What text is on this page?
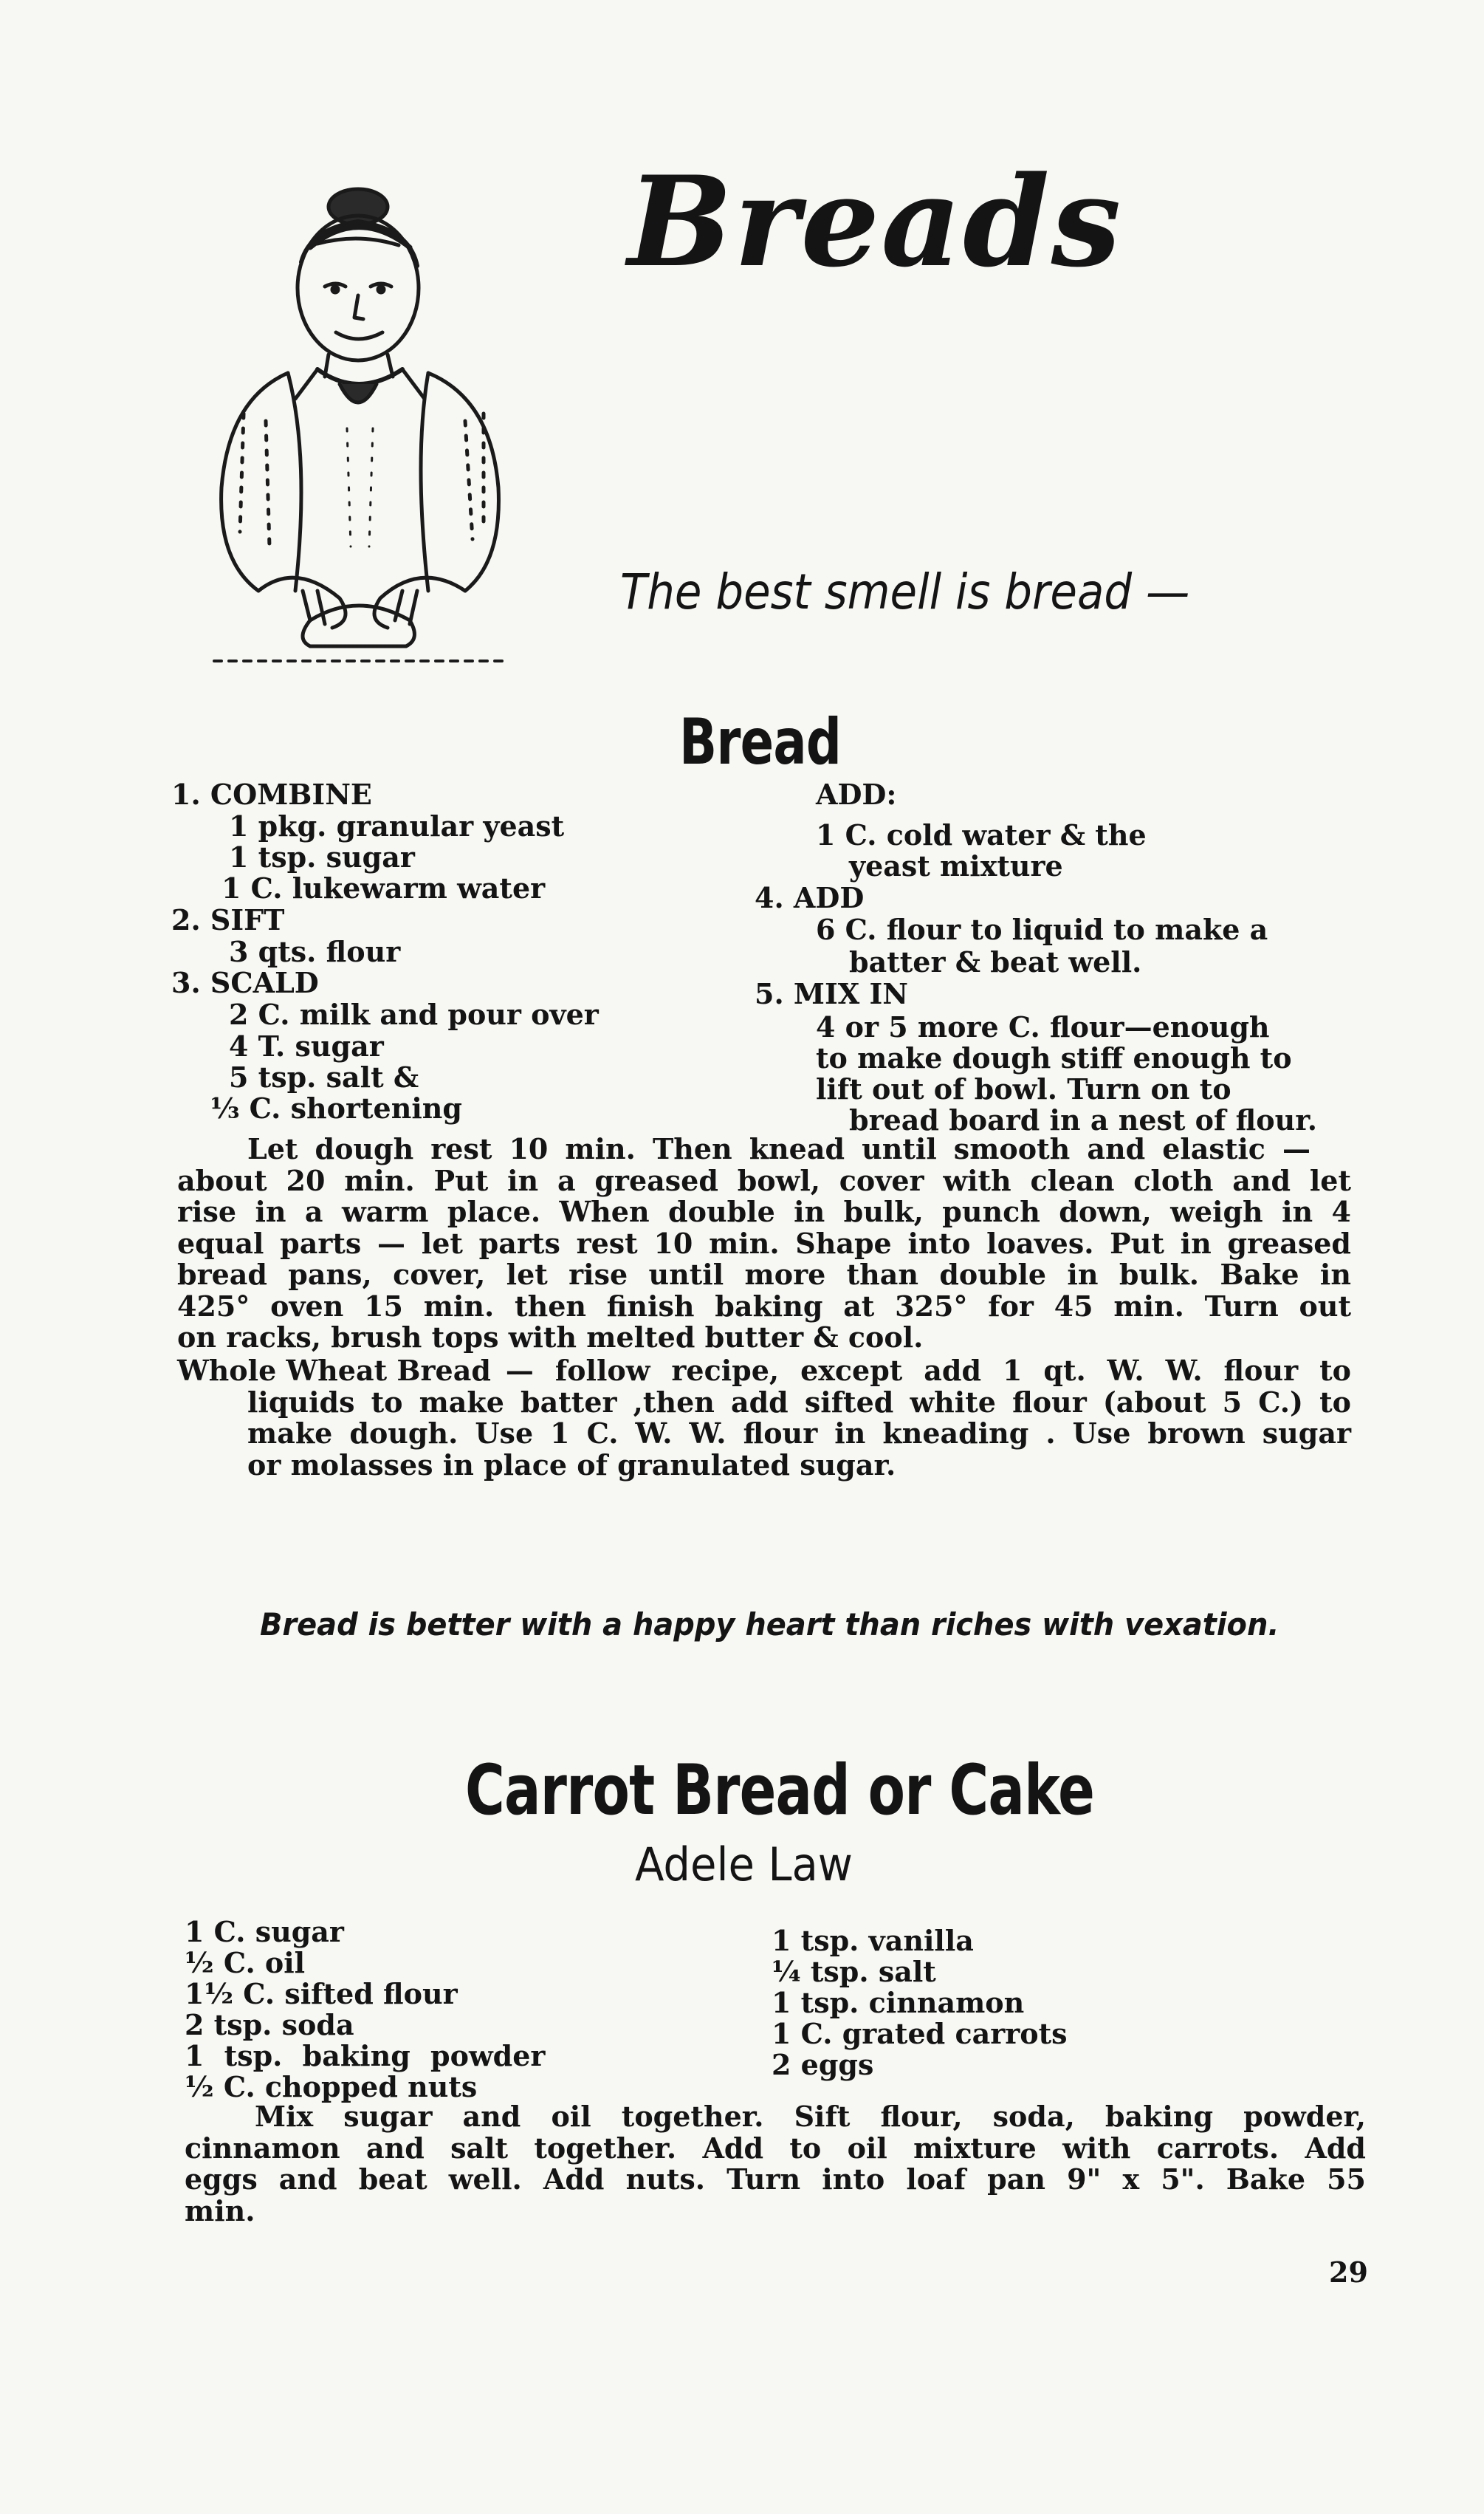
Breads
The best smell is bread —
Bread
1. COMBINE
1 pkg. granular yeast
1 tsp. sugar
1 C. lukewarm water
2. SIFT
3 qts. flour
3. SCALD
2 C. milk and pour over
4 T. sugar
5 tsp. salt &
⅓ C. shortening
ADD:
1 C. cold water & the
yeast mixture
4. ADD
6 C. flour to liquid to make a
batter & beat well.
5. MIX IN
4 or 5 more C. flour—enough
to make dough stiff enough to
lift out of bowl. Turn on to
bread board in a nest of flour.
Let dough rest 10 min. Then knead until smooth and elastic —
about 20 min. Put in a greased bowl, cover with clean cloth and let
rise in a warm place. When double in bulk, punch down, weigh in 4
equal parts — let parts rest 10 min. Shape into loaves. Put in greased
bread pans, cover, let rise until more than double in bulk. Bake in
425° oven 15 min. then finish baking at 325° for 45 min. Turn out
on racks, brush tops with melted butter & cool.
Whole Wheat Bread — follow recipe, except add 1 qt. W. W. flour to
liquids to make batter ,then add sifted white flour (about 5 C.) to
make dough. Use 1 C. W. W. flour in kneading . Use brown sugar
or molasses in place of granulated sugar.
Bread is better with a happy heart than riches with vexation.
Carrot Bread or Cake
Adele Law
1 C. sugar
½ C. oil
1½ C. sifted flour
2 tsp. soda
1 tsp. baking powder
½ C. chopped nuts
1 tsp. vanilla
¼ tsp. salt
1 tsp. cinnamon
1 C. grated carrots
2 eggs
Mix sugar and oil together. Sift flour, soda, baking powder,
cinnamon and salt together. Add to oil mixture with carrots. Add
eggs and beat well. Add nuts. Turn into loaf pan 9" x 5". Bake 55
min.
29
